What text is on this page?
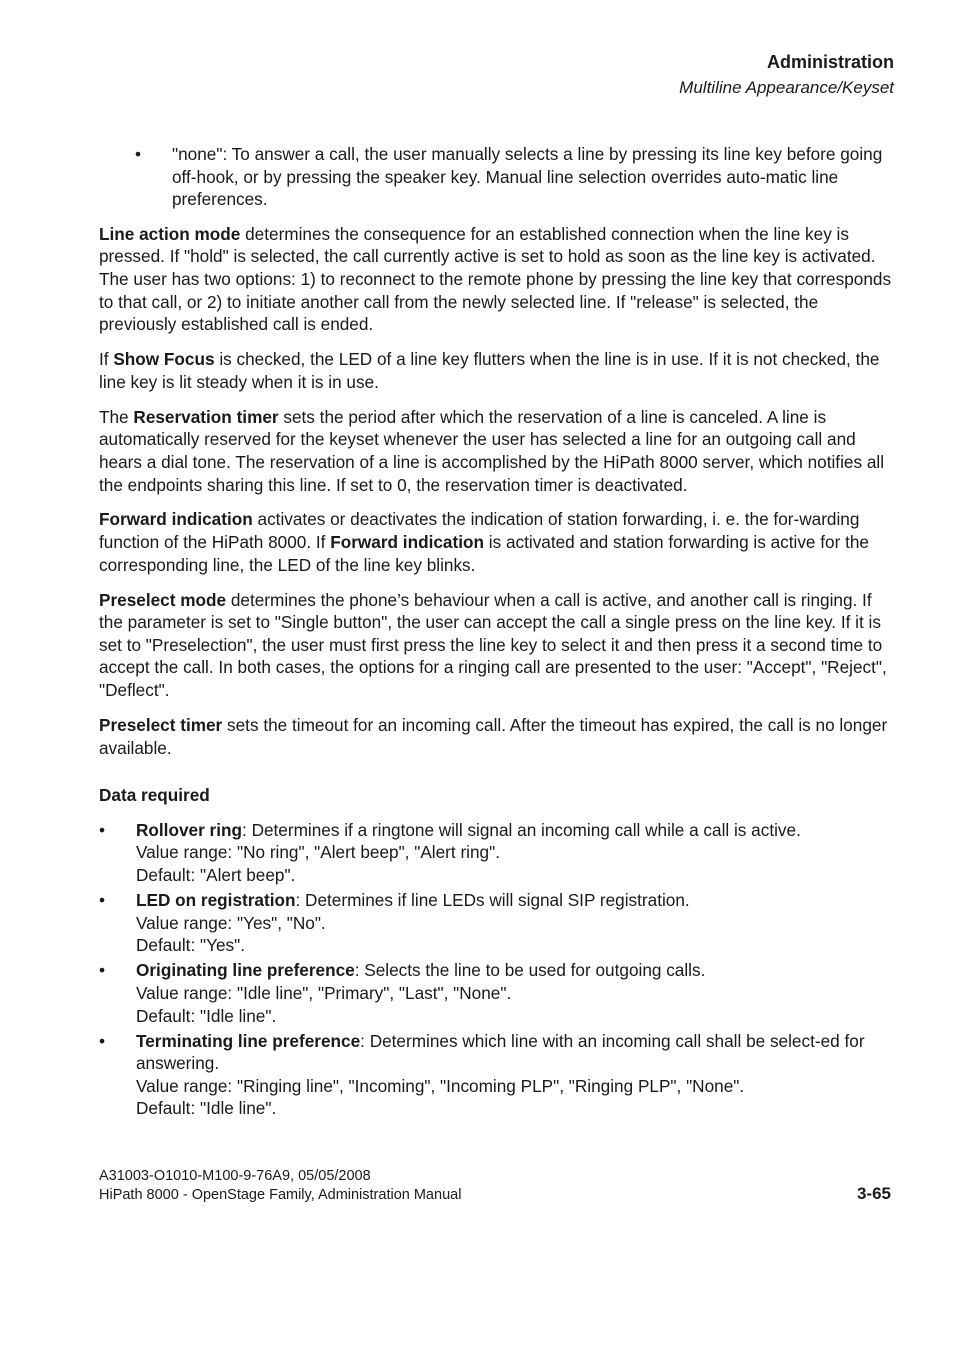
Administration
Multiline Appearance/Keyset
• "none": To answer a call, the user manually selects a line by pressing its line key before going off-hook, or by pressing the speaker key. Manual line selection overrides auto-matic line preferences.

Line action mode determines the consequence for an established connection when the line key is pressed. If "hold" is selected, the call currently active is set to hold as soon as the line key is activated. The user has two options: 1) to reconnect to the remote phone by pressing the line key that corresponds to that call, or 2) to initiate another call from the newly selected line. If "release" is selected, the previously established call is ended.

If Show Focus is checked, the LED of a line key flutters when the line is in use. If it is not checked, the line key is lit steady when it is in use.

The Reservation timer sets the period after which the reservation of a line is canceled. A line is automatically reserved for the keyset whenever the user has selected a line for an outgoing call and hears a dial tone. The reservation of a line is accomplished by the HiPath 8000 server, which notifies all the endpoints sharing this line. If set to 0, the reservation timer is deactivated.

Forward indication activates or deactivates the indication of station forwarding, i. e. the for-warding function of the HiPath 8000. If Forward indication is activated and station forwarding is active for the corresponding line, the LED of the line key blinks.

Preselect mode determines the phone’s behaviour when a call is active, and another call is ringing. If the parameter is set to "Single button", the user can accept the call a single press on the line key. If it is set to "Preselection", the user must first press the line key to select it and then press it a second time to accept the call. In both cases, the options for a ringing call are presented to the user: "Accept", "Reject", "Deflect".

Preselect timer sets the timeout for an incoming call. After the timeout has expired, the call is no longer available.

Data required

• Rollover ring: Determines if a ringtone will signal an incoming call while a call is active.
Value range: "No ring", "Alert beep", "Alert ring".
Default: "Alert beep".
• LED on registration: Determines if line LEDs will signal SIP registration.
Value range: "Yes", "No".
Default: "Yes".
• Originating line preference: Selects the line to be used for outgoing calls.
Value range: "Idle line", "Primary", "Last", "None".
Default: "Idle line".
• Terminating line preference: Determines which line with an incoming call shall be select-ed for answering.
Value range: "Ringing line", "Incoming", "Incoming PLP", "Ringing PLP", "None".
Default: "Idle line".
A31003-O1010-M100-9-76A9, 05/05/2008
HiPath 8000 - OpenStage Family, Administration Manual	3-65
